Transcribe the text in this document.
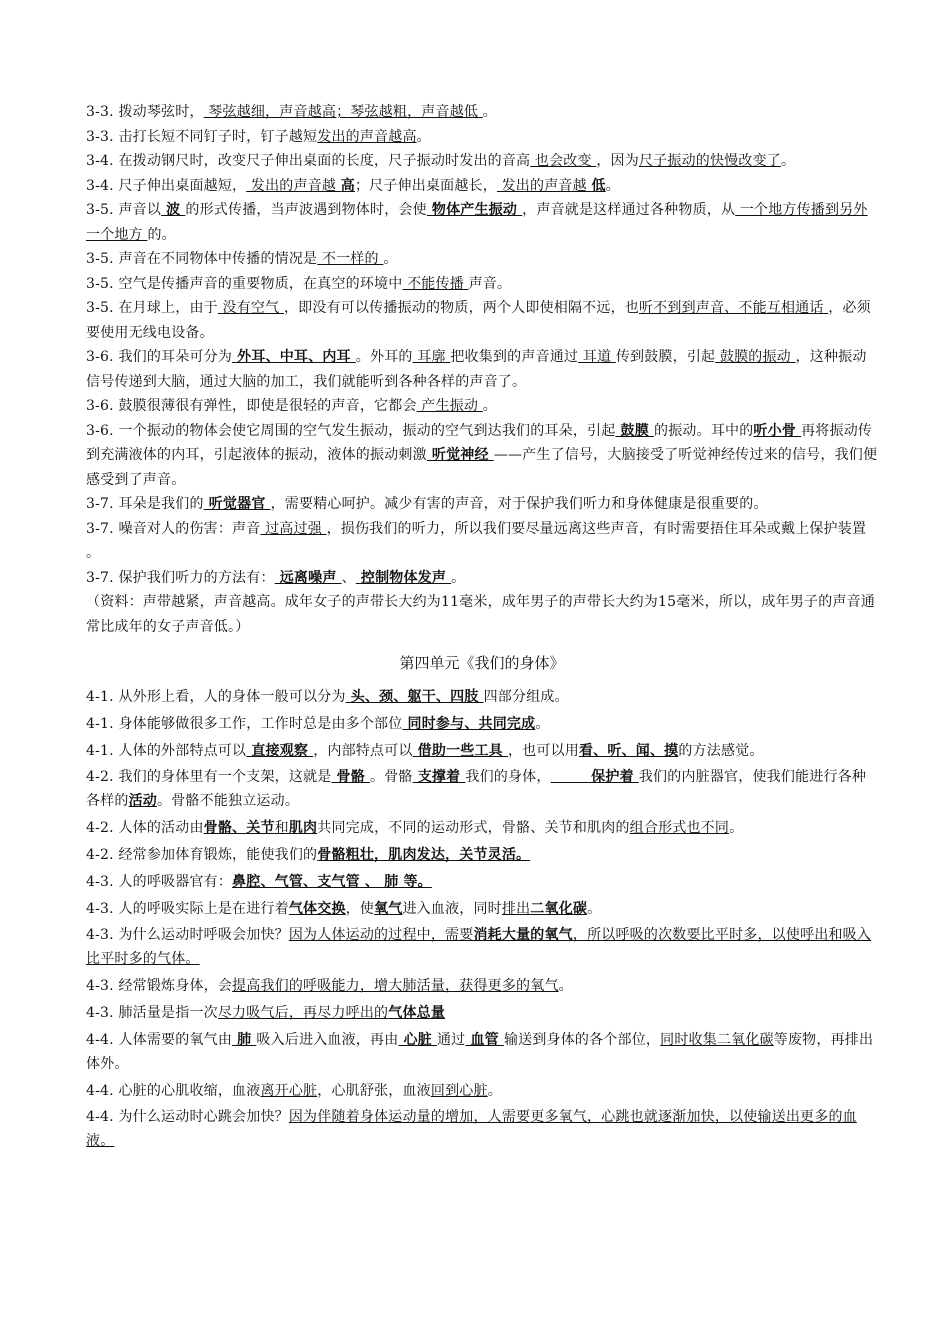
3-3. 拨动琴弦时， 琴弦越细，声音越高；琴弦越粗，声音越低 。

3-3. 击打长短不同钉子时，钉子越短发出的声音越高。

3-4. 在拨动钢尺时，改变尺子伸出桌面的长度，尺子振动时发出的音高 也会改变 ，因为尺子振动的快慢改变了。

3-4. 尺子伸出桌面越短， 发出的声音越 高；尺子伸出桌面越长， 发出的声音越 低。

3-5. 声音以 波 的形式传播，当声波遇到物体时，会使 物体产生振动 ，声音就是这样通过各种物质，从 一个地方传播到另外一个地方 的。

3-5. 声音在不同物体中传播的情况是 不一样的 。

3-5. 空气是传播声音的重要物质，在真空的环境中 不能传播 声音。

3-5. 在月球上，由于 没有空气 ，即没有可以传播振动的物质，两个人即使相隔不远，也听不到到声音、不能互相通话 ，必须要使用无线电设备。

3-6. 我们的耳朵可分为 外耳、中耳、内耳 。外耳的 耳廓 把收集到的声音通过 耳道 传到鼓膜，引起 鼓膜的振动 ，这种振动信号传递到大脑，通过大脑的加工，我们就能听到各种各样的声音了。

3-6. 鼓膜很薄很有弹性，即使是很轻的声音，它都会 产生振动 。

3-6. 一个振动的物体会使它周围的空气发生振动，振动的空气到达我们的耳朵，引起 鼓膜 的振动。耳中的听小骨 再将振动传到充满液体的内耳，引起液体的振动，液体的振动刺激 听觉神经 ——产生了信号，大脑接受了听觉神经传过来的信号，我们便感受到了声音。

3-7. 耳朵是我们的 听觉器官 ，需要精心呵护。减少有害的声音，对于保护我们听力和身体健康是很重要的。

3-7. 噪音对人的伤害：声音 过高过强 ，损伤我们的听力，所以我们要尽量远离这些声音，有时需要捂住耳朵或戴上保护装置 。

3-7. 保护我们听力的方法有： 远离噪声 、 控制物体发声 。

（资料：声带越紧，声音越高。成年女子的声带长大约为11毫米，成年男子的声带长大约为15毫米，所以，成年男子的声音通常比成年的女子声音低。）

第四单元《我们的身体》

4-1. 从外形上看，人的身体一般可以分为 头、颈、躯干、四肢 四部分组成。

4-1. 身体能够做很多工作，工作时总是由多个部位 同时参与、共同完成。

4-1. 人体的外部特点可以 直接观察 ，内部特点可以 借助一些工具 ，也可以用看、听、闻、摸的方法感觉。

4-2. 我们的身体里有一个支架，这就是 骨骼 。骨骼 支撑着 我们的身体，        保护着 我们的内脏器官，使我们能进行各种各样的活动。骨骼不能独立运动。

4-2. 人体的活动由骨骼、关节和肌肉共同完成，不同的运动形式，骨骼、关节和肌肉的组合形式也不同。

4-2. 经常参加体育锻炼，能使我们的骨骼粗壮，肌肉发达，关节灵活。

4-3. 人的呼吸器官有：鼻腔、气管、支气管 、 肺 等。

4-3. 人的呼吸实际上是在进行着气体交换，使氧气进入血液，同时排出二氧化碳。

4-3. 为什么运动时呼吸会加快？因为人体运动的过程中，需要消耗大量的氧气，所以呼吸的次数要比平时多，以使呼出和吸入比平时多的气体。

4-3. 经常锻炼身体，会提高我们的呼吸能力，增大肺活量，获得更多的氧气。

4-3. 肺活量是指一次尽力吸气后，再尽力呼出的气体总量

4-4. 人体需要的氧气由 肺 吸入后进入血液，再由 心脏 通过 血管 输送到身体的各个部位，同时收集二氧化碳等废物，再排出体外。

4-4. 心脏的心肌收缩，血液离开心脏，心肌舒张，血液回到心脏。

4-4. 为什么运动时心跳会加快？因为伴随着身体运动量的增加，人需要更多氧气，心跳也就逐渐加快，以使输送出更多的血液。
